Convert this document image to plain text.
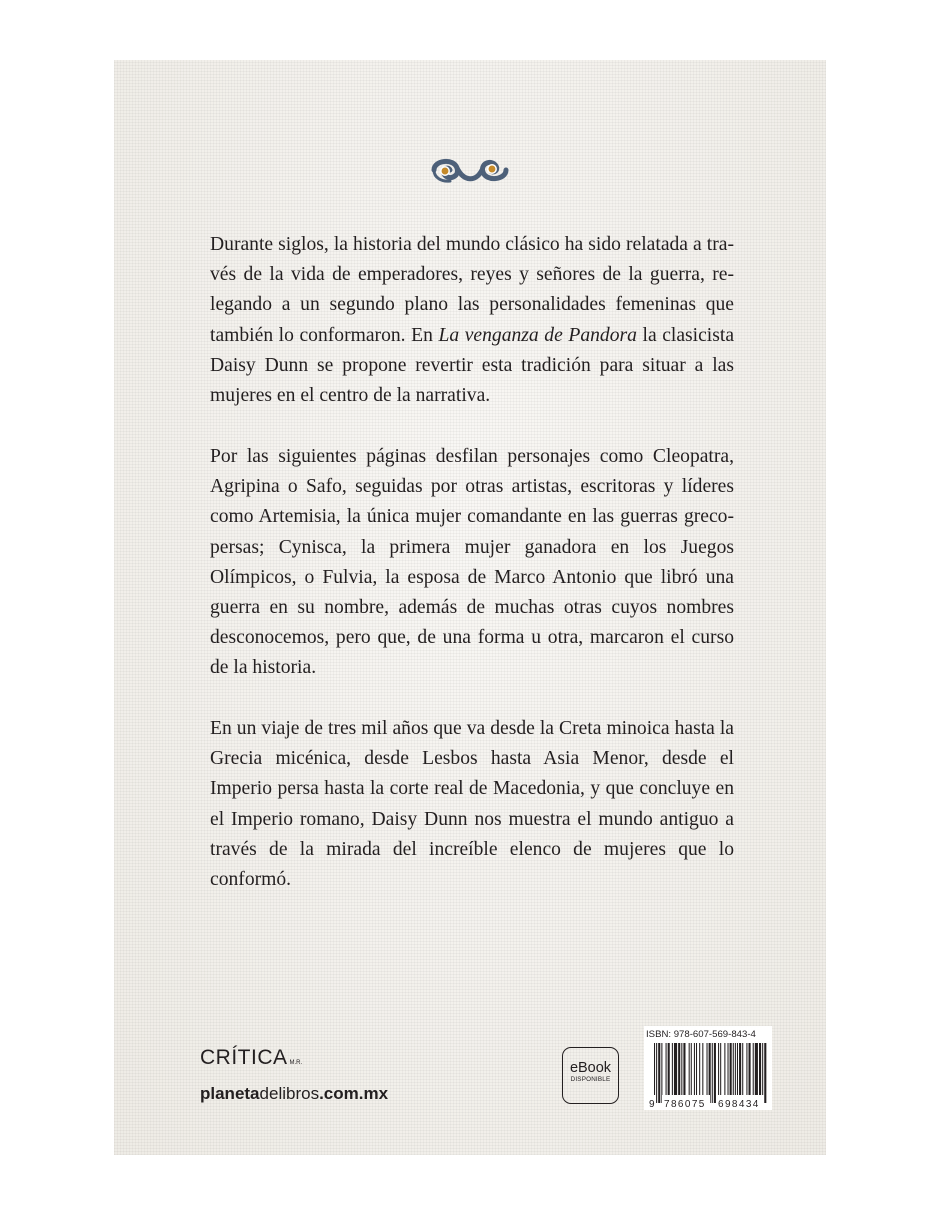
Durante siglos, la historia del mundo clásico ha sido relatada a través de la vida de emperadores, reyes y señores de la guerra, relegando a un segundo plano las personalidades femeninas que también lo conformaron. En La venganza de Pandora la clasicista Daisy Dunn se propone revertir esta tradición para situar a las mujeres en el centro de la narrativa.

Por las siguientes páginas desfilan personajes como Cleopatra, Agripina o Safo, seguidas por otras artistas, escritoras y líderes como Artemisia, la única mujer comandante en las guerras greco-persas; Cynisca, la primera mujer ganadora en los Juegos Olímpicos, o Fulvia, la esposa de Marco Antonio que libró una guerra en su nombre, además de muchas otras cuyos nombres desconocemos, pero que, de una forma u otra, marcaron el curso de la historia.

En un viaje de tres mil años que va desde la Creta minoica hasta la Grecia micénica, desde Lesbos hasta Asia Menor, desde el Imperio persa hasta la corte real de Macedonia, y que concluye en el Imperio romano, Daisy Dunn nos muestra el mundo antiguo a través de la mirada del increíble elenco de mujeres que lo conformó.

CRÍTICA M.R.
planetadelibros.com.mx
eBook
DISPONIBLE
ISBN: 978-607-569-843-4
9 786075 698434
